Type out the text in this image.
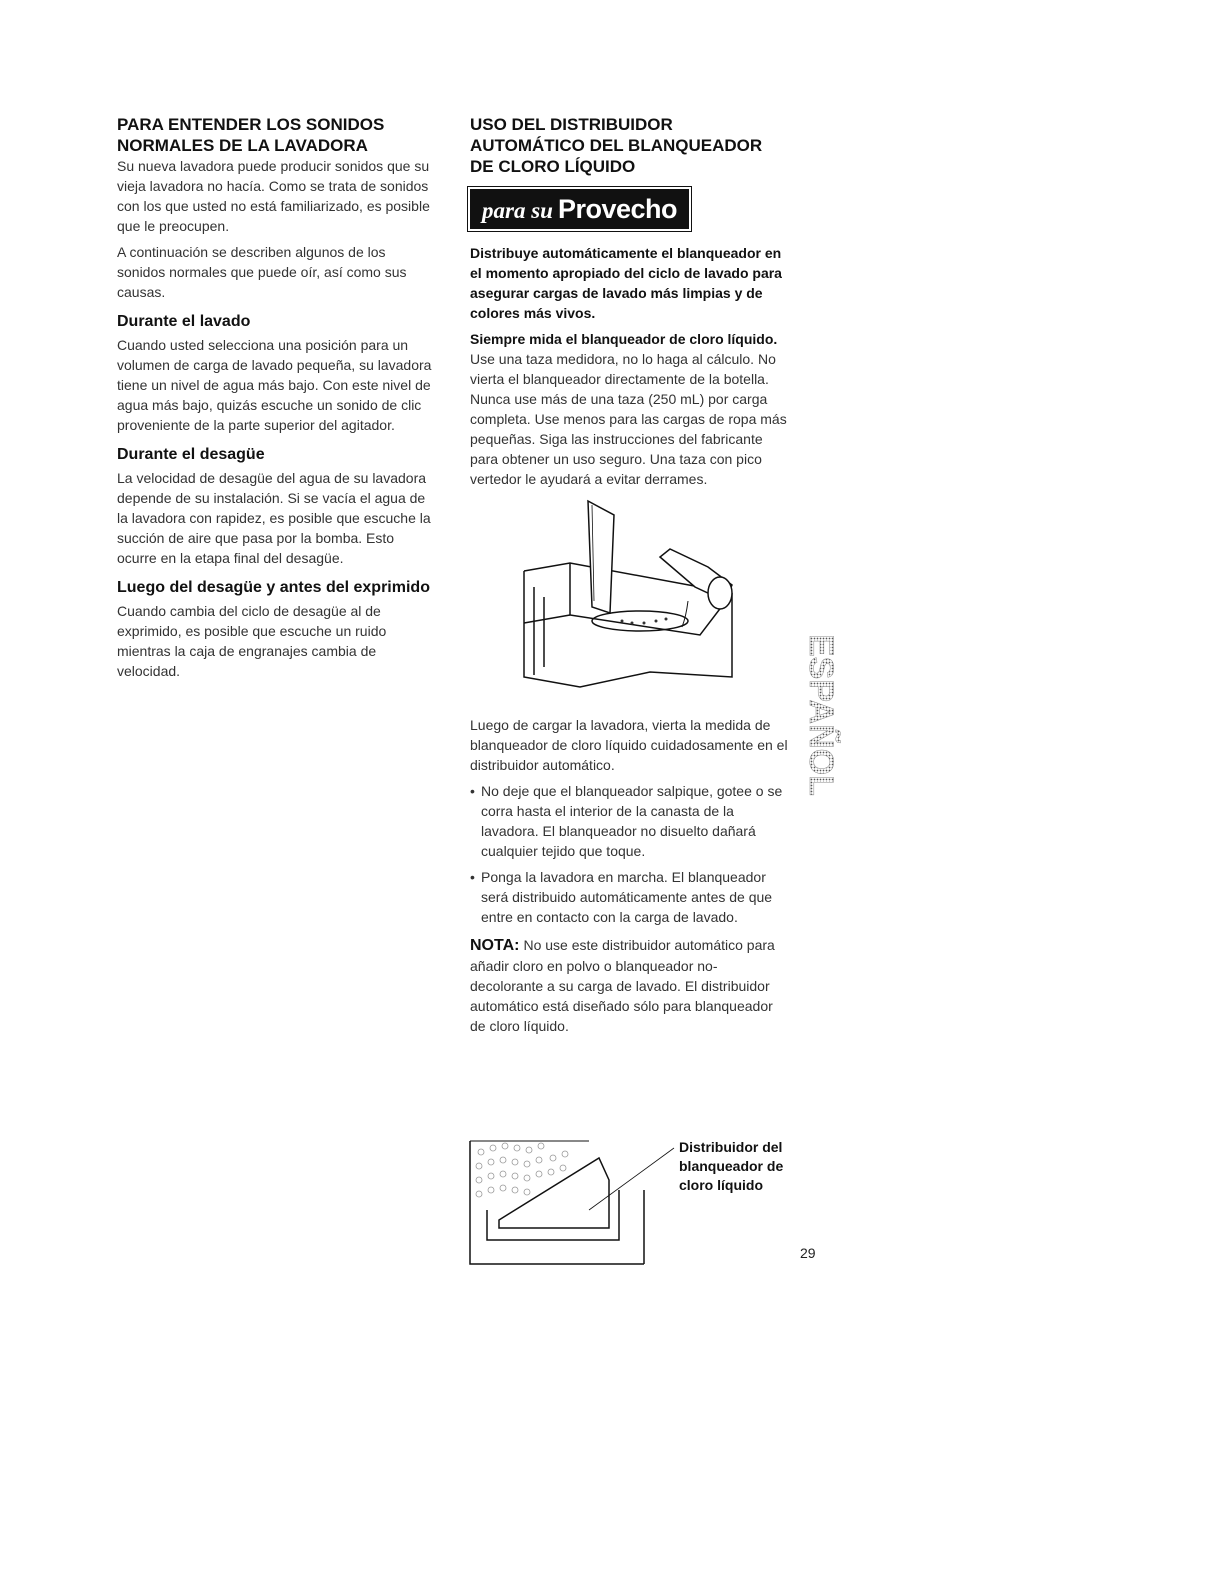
PARA ENTENDER LOS SONIDOS NORMALES DE LA LAVADORA

Su nueva lavadora puede producir sonidos que su vieja lavadora no hacía. Como se trata de sonidos con los que usted no está familiarizado, es posible que le preocupen.

A continuación se describen algunos de los sonidos normales que puede oír, así como sus causas.

Durante el lavado

Cuando usted selecciona una posición para un volumen de carga de lavado pequeña, su lavadora tiene un nivel de agua más bajo. Con este nivel de agua más bajo, quizás escuche un sonido de clic proveniente de la parte superior del agitador.

Durante el desagüe

La velocidad de desagüe del agua de su lavadora depende de su instalación. Si se vacía el agua de la lavadora con rapidez, es posible que escuche la succión de aire que pasa por la bomba. Esto ocurre en la etapa final del desagüe.

Luego del desagüe y antes del exprimido

Cuando cambia del ciclo de desagüe al de exprimido, es posible que escuche un ruido mientras la caja de engranajes cambia de velocidad.

USO DEL DISTRIBUIDOR AUTOMÁTICO DEL BLANQUEADOR DE CLORO LÍQUIDO
para su Provecho

Distribuye automáticamente el blanqueador en el momento apropiado del ciclo de lavado para asegurar cargas de lavado más limpias y de colores más vivos.

Siempre mida el blanqueador de cloro líquido. Use una taza medidora, no lo haga al cálculo. No vierta el blanqueador directamente de la botella. Nunca use más de una taza (250 mL) por carga completa. Use menos para las cargas de ropa más pequeñas. Siga las instrucciones del fabricante para obtener un uso seguro. Una taza con pico vertedor le ayudará a evitar derrames.

Luego de cargar la lavadora, vierta la medida de blanqueador de cloro líquido cuidadosamente en el distribuidor automático.

• No deje que el blanqueador salpique, gotee o se corra hasta el interior de la canasta de la lavadora. El blanqueador no disuelto dañará cualquier tejido que toque.
• Ponga la lavadora en marcha. El blanqueador será distribuido automáticamente antes de que entre en contacto con la carga de lavado.

NOTA: No use este distribuidor automático para añadir cloro en polvo o blanqueador no-decolorante a su carga de lavado. El distribuidor automático está diseñado sólo para blanqueador de cloro líquido.

Distribuidor del blanqueador de cloro líquido
ESPAÑOL
29
